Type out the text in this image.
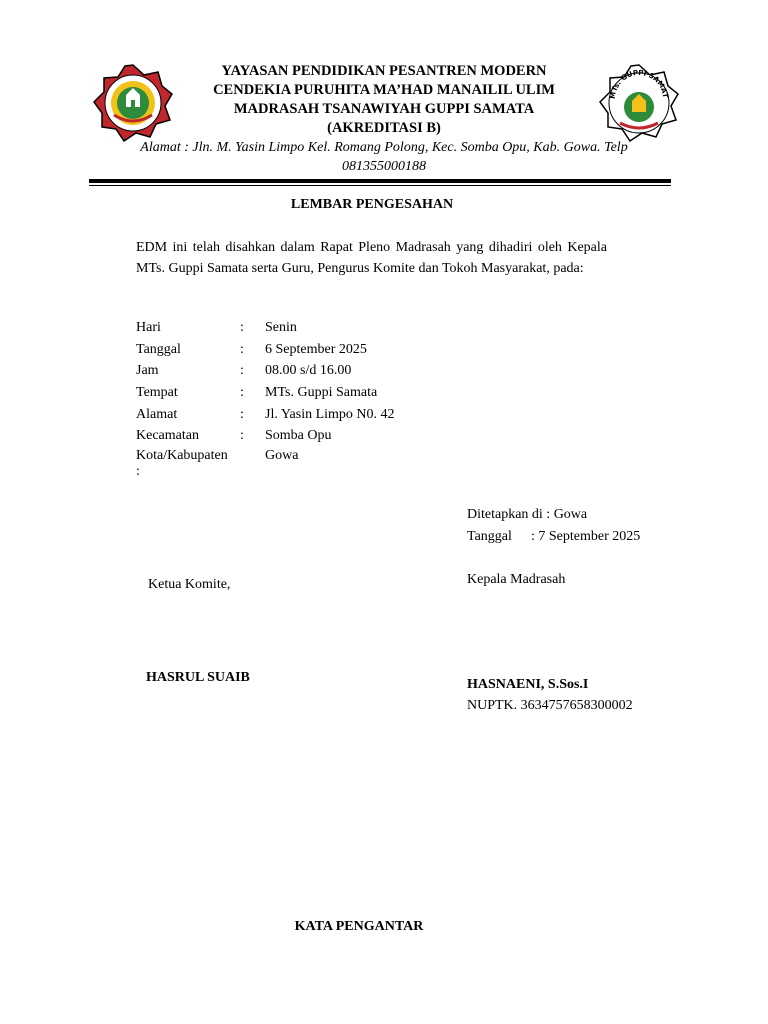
MTs. GUPPI SAMAT
YAYASAN PENDIDIKAN PESANTREN MODERN
CENDEKIA PURUHITA MA’HAD MANAILIL ULIM
MADRASAH TSANAWIYAH GUPPI SAMATA
(AKREDITASI B)
Alamat : Jln. M. Yasin Limpo Kel. Romang Polong, Kec. Somba Opu, Kab. Gowa. Telp
081355000188
LEMBAR PENGESAHAN
EDM ini telah disahkan dalam Rapat Pleno Madrasah yang dihadiri oleh Kepala MTs. Guppi Samata serta Guru, Pengurus Komite dan Tokoh Masyarakat, pada:
Hari	: Senin
Tanggal	: 6 September 2025
Jam	: 08.00 s/d 16.00
Tempat	: MTs. Guppi Samata
Alamat	: Jl. Yasin Limpo N0. 42
Kecamatan	: Somba Opu
Kota/Kabupaten :
Gowa
Ditetapkan di : Gowa
Tanggal : 7 September 2025
Ketua Komite,	Kepala Madrasah
HASRUL SUAIB	HASNAENI, S.Sos.I
NUPTK. 3634757658300002
KATA PENGANTAR
